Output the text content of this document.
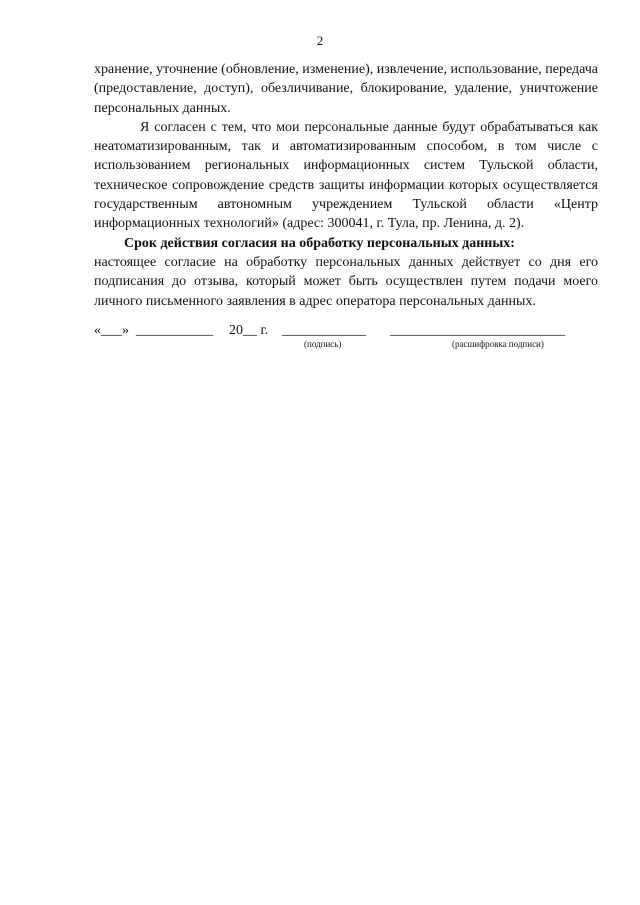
2

хранение, уточнение (обновление, изменение), извлечение, использование, передача (предоставление, доступ), обезличивание, блокирование, удаление, уничтожение персональных данных.

Я согласен с тем, что мои персональные данные будут обрабатываться как неатоматизированным, так и автоматизированным способом, в том числе с использованием региональных информационных систем Тульской области, техническое сопровождение средств защиты информации которых осуществляется государственным автономным учреждением Тульской области «Центр информационных технологий» (адрес: 300041, г. Тула, пр. Ленина, д. 2).

Срок действия согласия на обработку персональных данных:

настоящее согласие на обработку персональных данных действует со дня его подписания до отзыва, который может быть осуществлен путем подачи моего личного письменного заявления в адрес оператора персональных данных.

«___» ___________ 20__ г. ____________ _________________________
(подпись)	(расшифровка подписи)
